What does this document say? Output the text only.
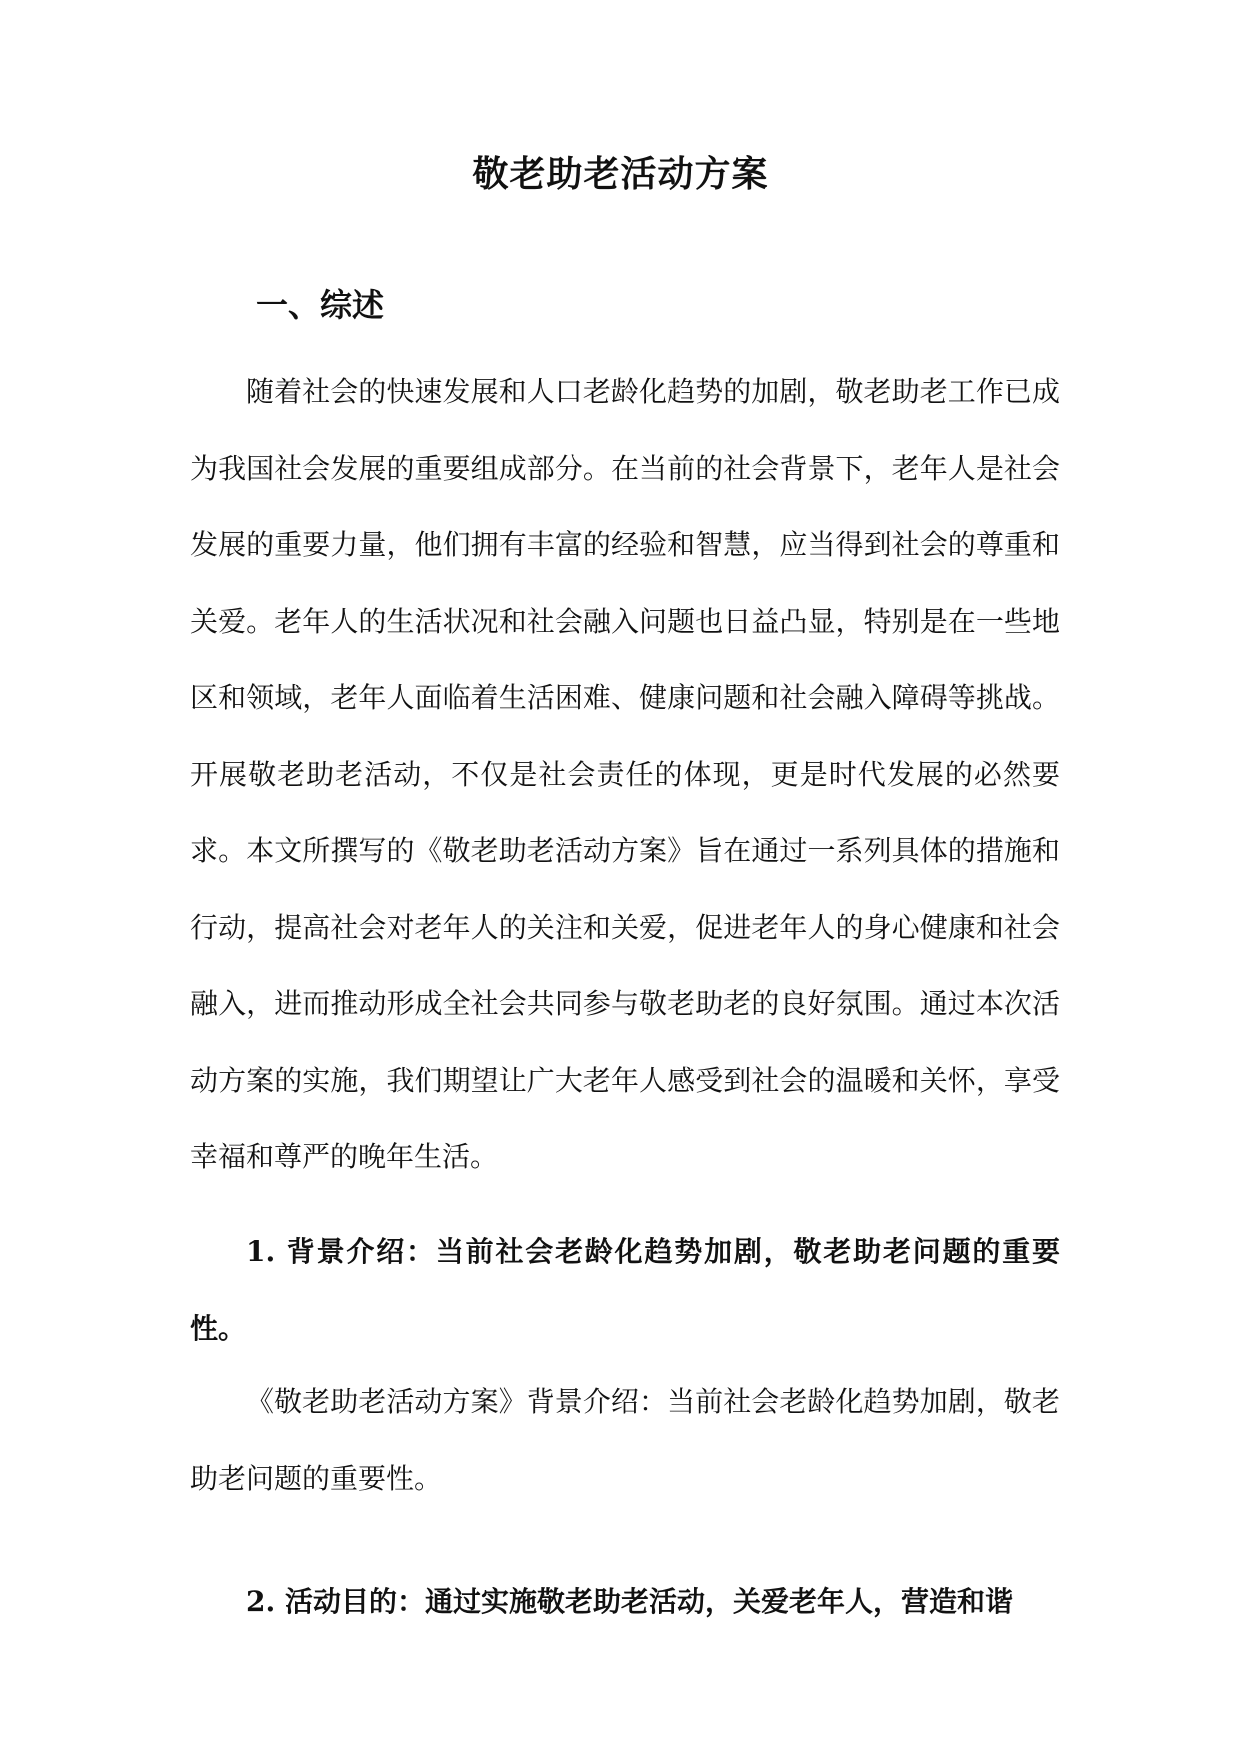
敬老助老活动方案
一、综述

随着社会的快速发展和人口老龄化趋势的加剧，敬老助老工作已成为我国社会发展的重要组成部分。在当前的社会背景下，老年人是社会发展的重要力量，他们拥有丰富的经验和智慧，应当得到社会的尊重和关爱。老年人的生活状况和社会融入问题也日益凸显，特别是在一些地区和领域，老年人面临着生活困难、健康问题和社会融入障碍等挑战。开展敬老助老活动，不仅是社会责任的体现，更是时代发展的必然要求。本文所撰写的《敬老助老活动方案》旨在通过一系列具体的措施和行动，提高社会对老年人的关注和关爱，促进老年人的身心健康和社会融入，进而推动形成全社会共同参与敬老助老的良好氛围。通过本次活动方案的实施，我们期望让广大老年人感受到社会的温暖和关怀，享受幸福和尊严的晚年生活。

1. 背景介绍：当前社会老龄化趋势加剧，敬老助老问题的重要性。

《敬老助老活动方案》背景介绍：当前社会老龄化趋势加剧，敬老助老问题的重要性。

2. 活动目的：通过实施敬老助老活动，关爱老年人，营造和谐
